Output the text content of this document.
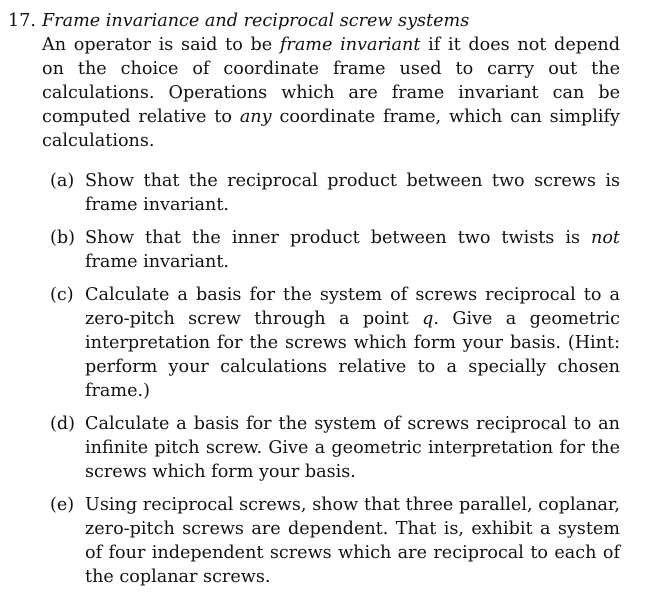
17. Frame invariance and reciprocal screw systems
An operator is said to be frame invariant if it does not depend on the choice of coordinate frame used to carry out the calculations. Operations which are frame invariant can be computed relative to any coordinate frame, which can simplify calculations.
(a) Show that the reciprocal product between two screws is frame invariant.
(b) Show that the inner product between two twists is not frame invariant.
(c) Calculate a basis for the system of screws reciprocal to a zero-pitch screw through a point q. Give a geometric interpretation for the screws which form your basis. (Hint: perform your calculations relative to a specially chosen frame.)
(d) Calculate a basis for the system of screws reciprocal to an infinite pitch screw. Give a geometric interpretation for the screws which form your basis.
(e) Using reciprocal screws, show that three parallel, coplanar, zero-pitch screws are dependent. That is, exhibit a system of four independent screws which are reciprocal to each of the coplanar screws.
